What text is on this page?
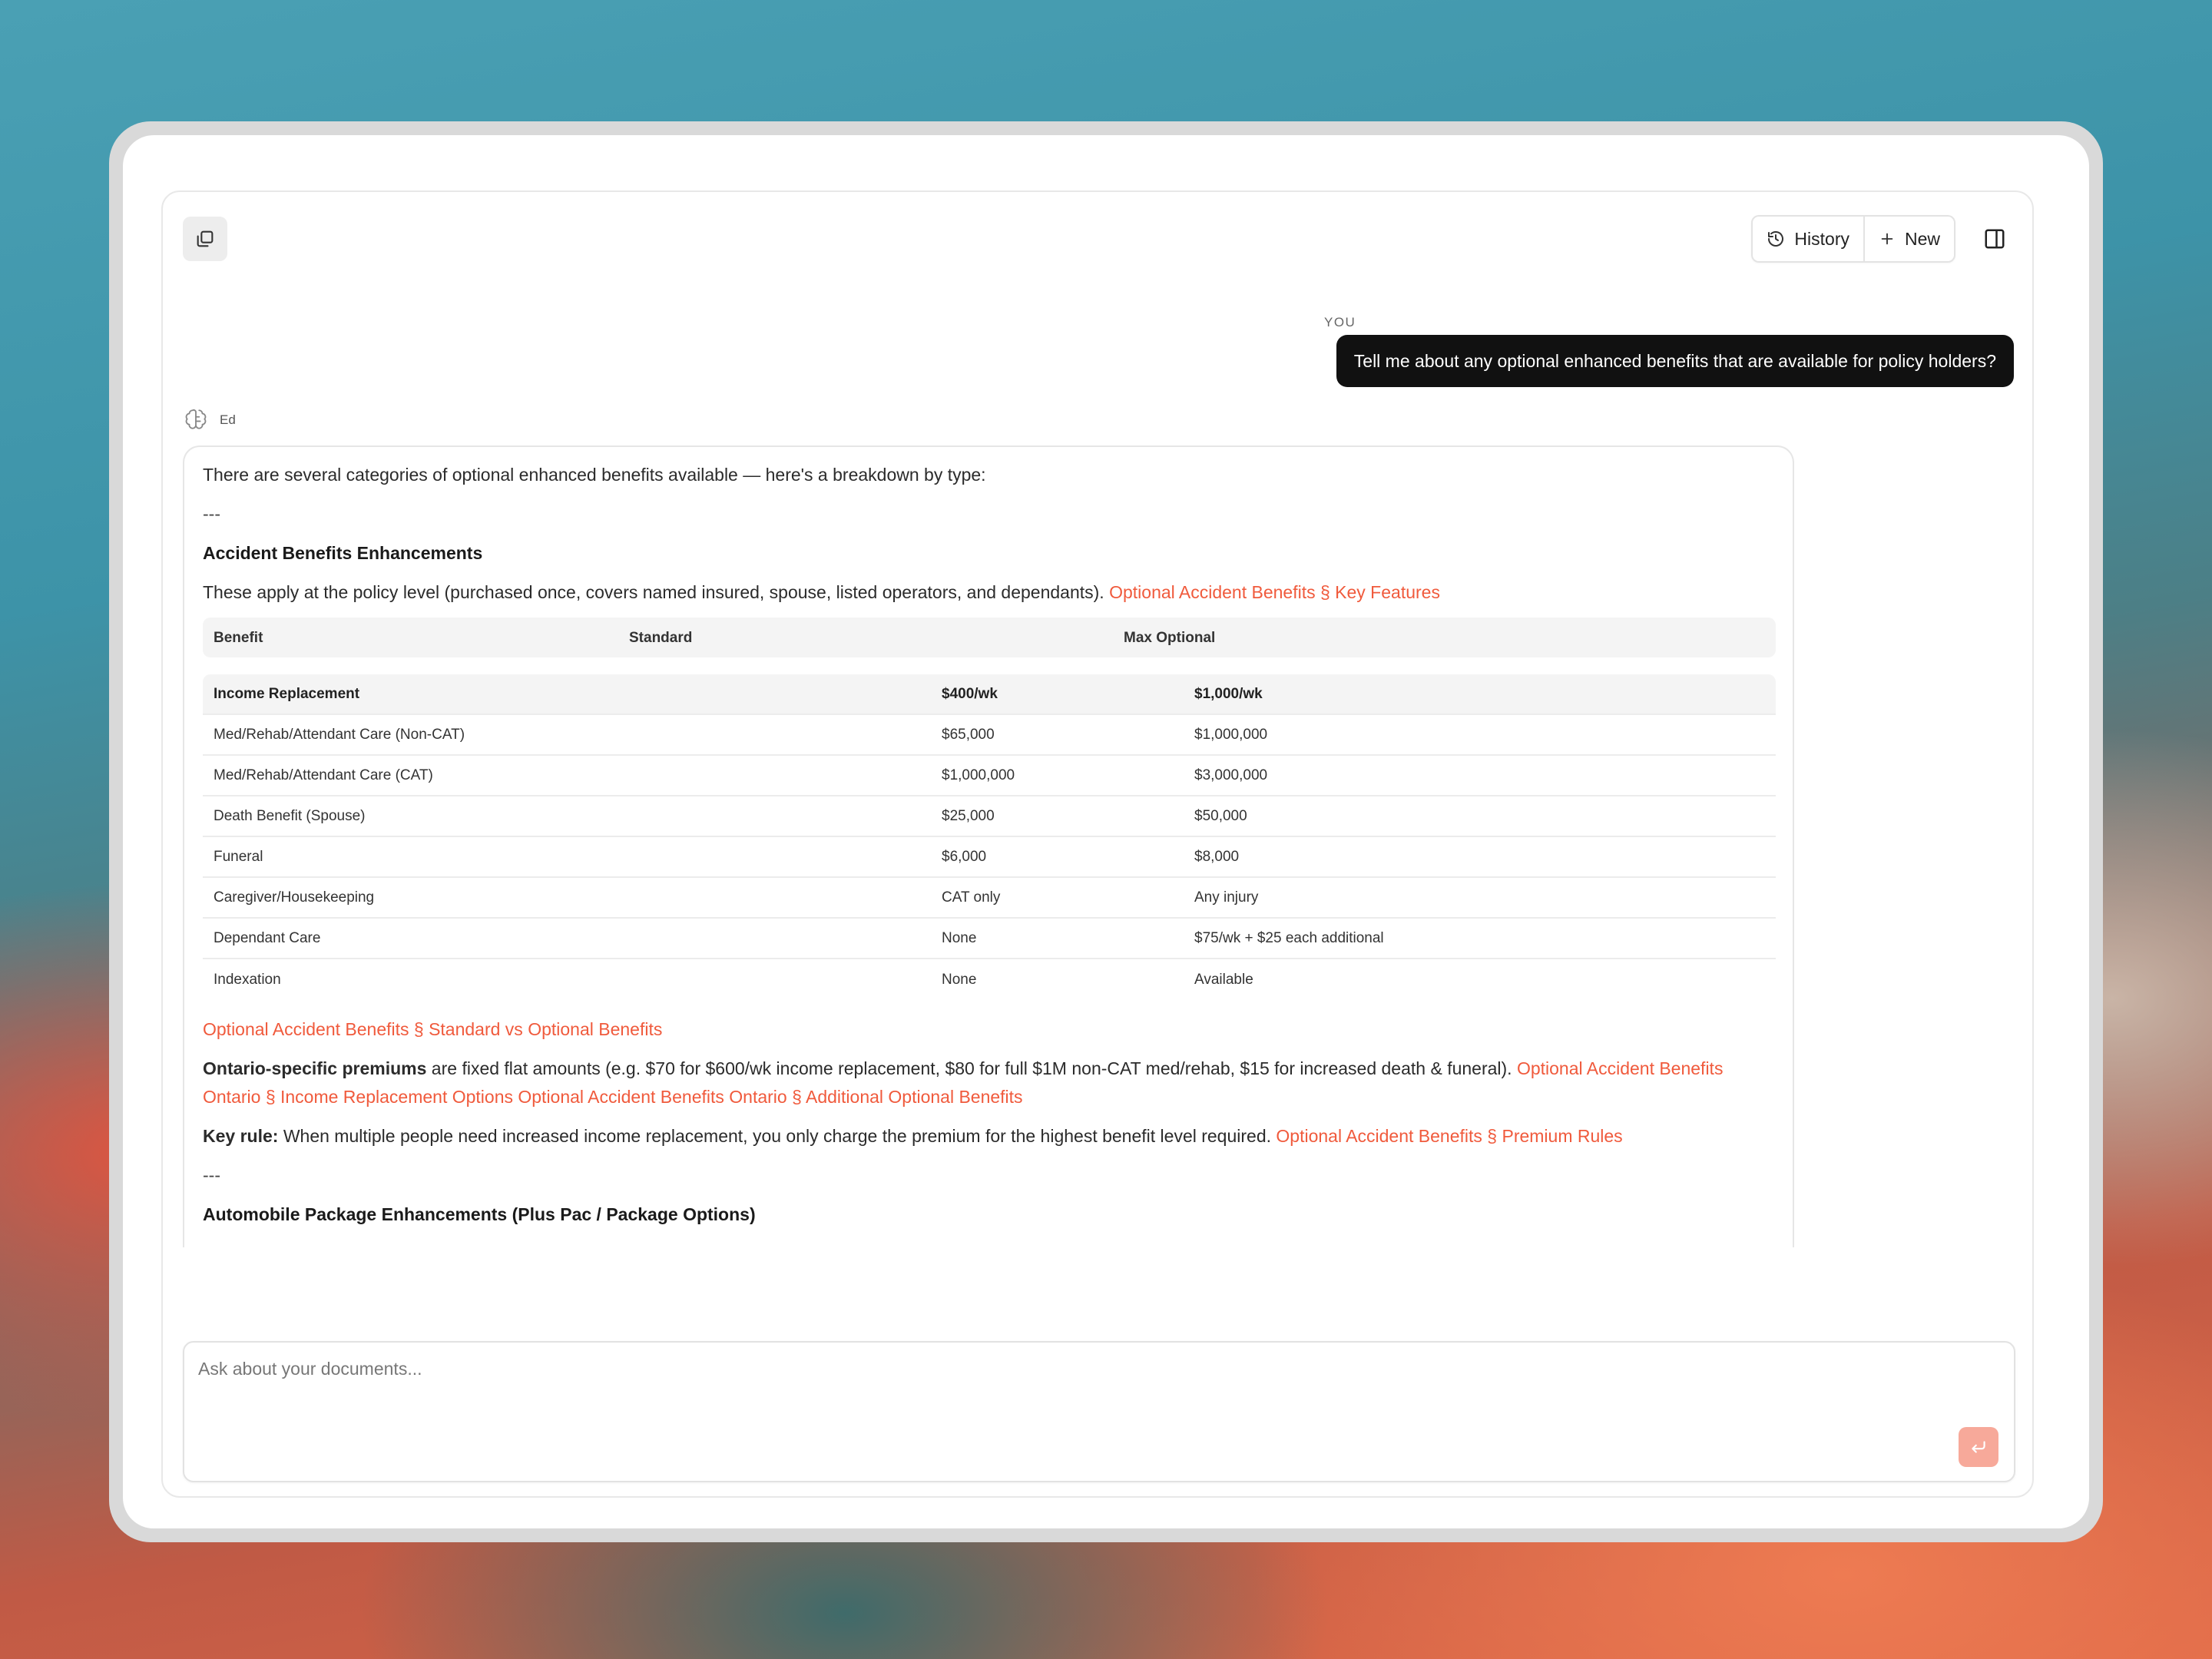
History	New
YOU
Tell me about any optional enhanced benefits that are available for policy holders?
Ed

There are several categories of optional enhanced benefits available — here's a breakdown by type:

---

Accident Benefits Enhancements

These apply at the policy level (purchased once, covers named insured, spouse, listed operators, and dependants). Optional Accident Benefits § Key Features

Benefit	Standard	Max Optional
Income Replacement	$400/wk	$1,000/wk
Med/Rehab/Attendant Care (Non-CAT)	$65,000	$1,000,000
Med/Rehab/Attendant Care (CAT)	$1,000,000	$3,000,000
Death Benefit (Spouse)	$25,000	$50,000
Funeral	$6,000	$8,000
Caregiver/Housekeeping	CAT only	Any injury
Dependant Care	None	$75/wk + $25 each additional
Indexation	None	Available

Optional Accident Benefits § Standard vs Optional Benefits

Ontario-specific premiums are fixed flat amounts (e.g. $70 for $600/wk income replacement, $80 for full $1M non-CAT med/rehab, $15 for increased death & funeral). Optional Accident Benefits Ontario § Income Replacement Options Optional Accident Benefits Ontario § Additional Optional Benefits

Key rule: When multiple people need increased income replacement, you only charge the premium for the highest benefit level required. Optional Accident Benefits § Premium Rules

---

Automobile Package Enhancements (Plus Pac / Package Options)

Ask about your documents...
